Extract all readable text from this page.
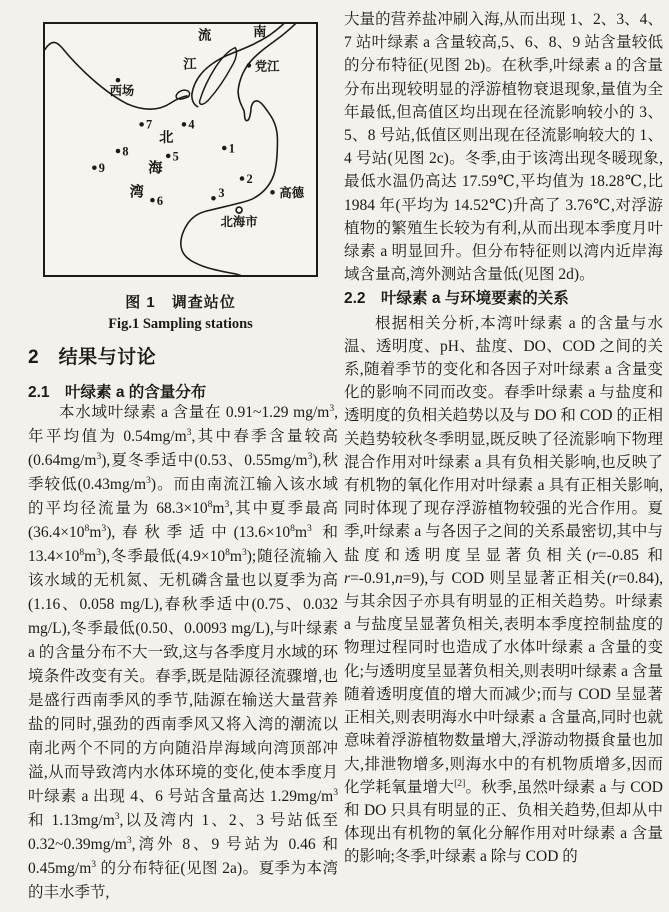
流	南
江
北
海
湾
1
2
3
4
5
6
7
8
9
党江
西场
高德
北海市
图 1　调查站位
Fig.1 Sampling stations
2　结果与讨论
2.1　叶绿素 a 的含量分布

本水域叶绿素 a 含量在 0.91~1.29 $mg/m^3$,年平均值为 $0.54mg/m^3$,其中春季含量较高$(0.64mg/m^3)$,夏冬季适中(0.53、$0.55mg/m^3$),秋季较低$(0.43mg/m^3)$。而由南流江输入该水域的平均径流量为 $68.3\times 10^8m^3$,其中夏季最高$(36.4\times 10^8m^3)$,春秋季适中($13.6\times 10^8m^3$ 和 $13.4\times 10^8m^3$),冬季最低$(4.9\times 10^8m^3)$;随径流输入该水域的无机氮、无机磷含量也以夏季为高(1.16、0.058 mg/L),春秋季适中(0.75、0.032 mg/L),冬季最低(0.50、0.0093 mg/L),与叶绿素 a 的含量分布不大一致,这与各季度月水域的环境条件改变有关。春季,既是陆源径流骤增,也是盛行西南季风的季节,陆源在输送大量营养盐的同时,强劲的西南季风又将入湾的潮流以南北两个不同的方向随沿岸海域向湾顶部冲溢,从而导致湾内水体环境的变化,使本季度月叶绿素 a 出现 4、6 号站含量高达 $1.29mg/m^3$ 和 $1.13mg/m^3$,以及湾内 1、2、3 号站低至 $0.32\sim 0.39mg/m^3$,湾外 8、9 号站为 0.46 和 $0.45mg/m^3$ 的分布特征(见图 2a)。夏季为本湾的丰水季节,

大量的营养盐冲刷入海,从而出现 1、2、3、4、7 站叶绿素 a 含量较高,5、6、8、9 站含量较低的分布特征(见图 2b)。在秋季,叶绿素 a 的含量分布出现较明显的浮游植物衰退现象,量值为全年最低,但高值区均出现在径流影响较小的 3、5、8 号站,低值区则出现在径流影响较大的 1、4 号站(见图 2c)。冬季,由于该湾出现冬暖现象,最低水温仍高达 17.59℃,平均值为 18.28℃,比 1984 年(平均为 14.52℃)升高了 3.76℃,对浮游植物的繁殖生长较为有利,从而出现本季度月叶绿素 a 明显回升。但分布特征则以湾内近岸海域含量高,湾外测站含量低(见图 2d)。

2.2　叶绿素 a 与环境要素的关系

根据相关分析,本湾叶绿素 a 的含量与水温、透明度、pH、盐度、DO、COD 之间的关系,随着季节的变化和各因子对叶绿素 a 含量变化的影响不同而改变。春季叶绿素 a 与盐度和透明度的负相关趋势以及与 DO 和 COD 的正相关趋势较秋冬季明显,既反映了径流影响下物理混合作用对叶绿素 a 具有负相关影响,也反映了有机物的氧化作用对叶绿素 a 具有正相关影响,同时体现了现存浮游植物较强的光合作用。夏季,叶绿素 a 与各因子之间的关系最密切,其中与盐度和透明度呈显著负相关(r=-0.85 和 r=-0.91,n=9),与 COD 则呈显著正相关(r=0.84),与其余因子亦具有明显的正相关趋势。叶绿素 a 与盐度呈显著负相关,表明本季度控制盐度的物理过程同时也造成了水体叶绿素 a 含量的变化;与透明度呈显著负相关,则表明叶绿素 a 含量随着透明度值的增大而减少;而与 COD 呈显著正相关,则表明海水中叶绿素 a 含量高,同时也就意味着浮游植物数量增大,浮游动物摄食量也加大,排泄物增多,则海水中的有机物质增多,因而化学耗氧量增大[2]。秋季,虽然叶绿素 a 与 COD 和 DO 只具有明显的正、负相关趋势,但却从中体现出有机物的氧化分解作用对叶绿素 a 含量的影响;冬季,叶绿素 a 除与 COD 的
